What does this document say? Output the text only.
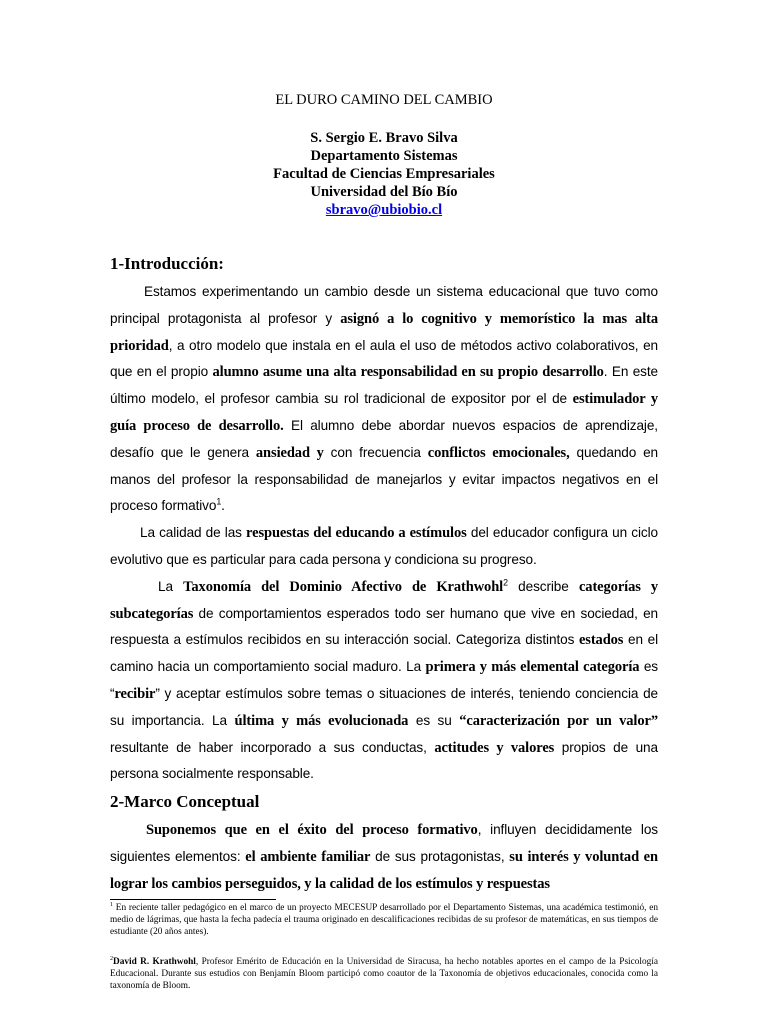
EL DURO CAMINO DEL CAMBIO
S. Sergio E. Bravo Silva
Departamento Sistemas
Facultad de Ciencias Empresariales
Universidad del Bío Bío
sbravo@ubiobio.cl
1-Introducción:

Estamos experimentando un cambio desde un sistema educacional que tuvo como principal protagonista al profesor y asignó a lo cognitivo y memorístico la mas alta prioridad, a otro modelo que instala en el aula el uso de métodos activo colaborativos, en que en el propio alumno asume una alta responsabilidad en su propio desarrollo. En este último modelo, el profesor cambia su rol tradicional de expositor por el de estimulador y guía proceso de desarrollo. El alumno debe abordar nuevos espacios de aprendizaje, desafío que le genera ansiedad y con frecuencia conflictos emocionales, quedando en manos del profesor la responsabilidad de manejarlos y evitar impactos negativos en el proceso formativo$^1$.

La calidad de las respuestas del educando a estímulos del educador configura un ciclo evolutivo que es particular para cada persona y condiciona su progreso.

La Taxonomía del Dominio Afectivo de Krathwohl$^2$ describe categorías y subcategorías de comportamientos esperados todo ser humano que vive en sociedad, en respuesta a estímulos recibidos en su interacción social. Categoriza distintos estados en el camino hacia un comportamiento social maduro. La primera y más elemental categoría es “recibir” y aceptar estímulos sobre temas o situaciones de interés, teniendo conciencia de su importancia. La última y más evolucionada es su “caracterización por un valor” resultante de haber incorporado a sus conductas, actitudes y valores propios de una persona socialmente responsable.

2-Marco Conceptual

Suponemos que en el éxito del proceso formativo, influyen decididamente los siguientes elementos: el ambiente familiar de sus protagonistas, su interés y voluntad en lograr los cambios perseguidos, y la calidad de los estímulos y respuestas

$^1$ En reciente taller pedagógico en el marco de un proyecto MECESUP desarrollado por el Departamento Sistemas, una académica testimonió, en medio de lágrimas, que hasta la fecha padecía el trauma originado en descalificaciones recibidas de su profesor de matemáticas, en sus tiempos de estudiante (20 años antes).
$^2$David R. Krathwohl, Profesor Emérito de Educación en la Universidad de Siracusa, ha hecho notables aportes en el campo de la Psicología Educacional. Durante sus estudios con Benjamín Bloom participó como coautor de la Taxonomía de objetivos educacionales, conocida como la taxonomía de Bloom.
